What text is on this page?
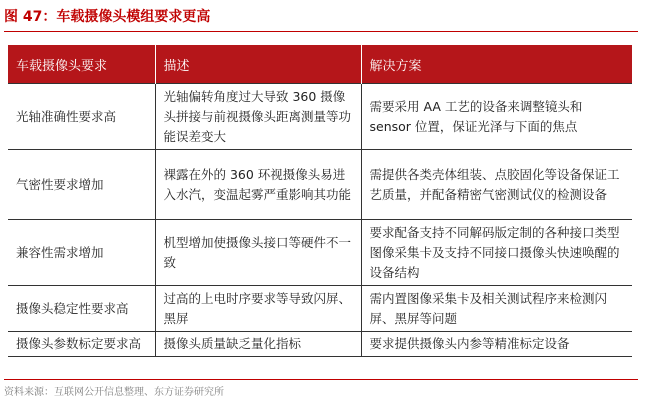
图 47：车载摄像头模组要求更高
车载摄像头要求	描述	解决方案
光轴准确性要求高	光轴偏转角度过大导致 360 摄像头拼接与前视摄像头距离测量等功能误差变大	需要采用 AA 工艺的设备来调整镜头和 sensor 位置，保证光泽与下面的焦点
气密性要求增加	裸露在外的 360 环视摄像头易进入水汽，变温起雾严重影响其功能	需提供各类壳体组装、点胶固化等设备保证工艺质量，并配备精密气密测试仪的检测设备
兼容性需求增加	机型增加使摄像头接口等硬件不一致	要求配备支持不同解码版定制的各种接口类型图像采集卡及支持不同接口摄像头快速唤醒的设备结构
摄像头稳定性要求高	过高的上电时序要求等导致闪屏、黑屏	需内置图像采集卡及相关测试程序来检测闪屏、黑屏等问题
摄像头参数标定要求高	摄像头质量缺乏量化指标	要求提供摄像头内参等精准标定设备
资料来源：互联网公开信息整理、东方证券研究所
